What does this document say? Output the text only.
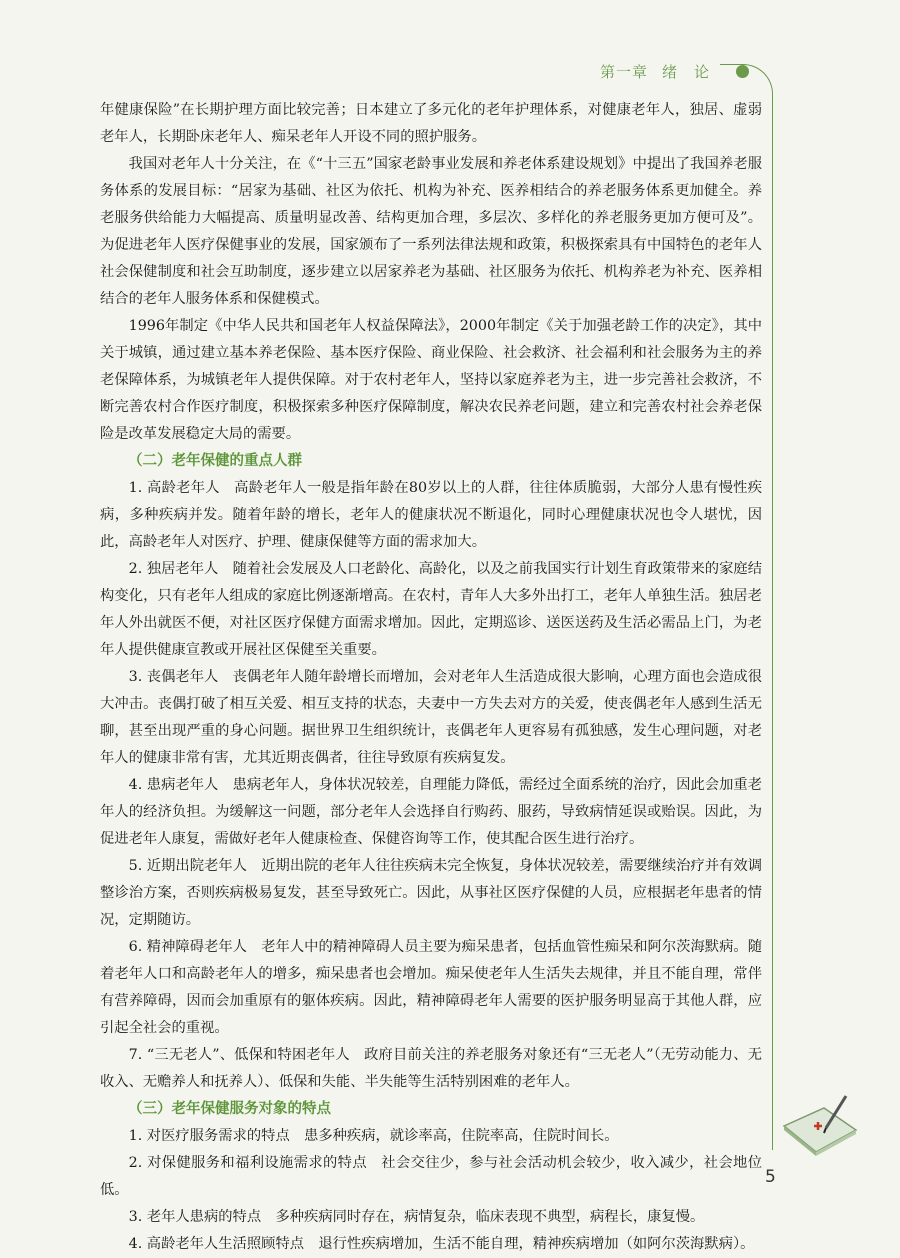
第一章 绪　论

年健康保险”在长期护理方面比较完善；日本建立了多元化的老年护理体系，对健康老年人，独居、虚弱老年人，长期卧床老年人、痴呆老年人开设不同的照护服务。

我国对老年人十分关注，在《“十三五”国家老龄事业发展和养老体系建设规划》中提出了我国养老服务体系的发展目标：“居家为基础、社区为依托、机构为补充、医养相结合的养老服务体系更加健全。养老服务供给能力大幅提高、质量明显改善、结构更加合理，多层次、多样化的养老服务更加方便可及”。为促进老年人医疗保健事业的发展，国家颁布了一系列法律法规和政策，积极探索具有中国特色的老年人社会保健制度和社会互助制度，逐步建立以居家养老为基础、社区服务为依托、机构养老为补充、医养相结合的老年人服务体系和保健模式。

1996年制定《中华人民共和国老年人权益保障法》，2000年制定《关于加强老龄工作的决定》，其中关于城镇，通过建立基本养老保险、基本医疗保险、商业保险、社会救济、社会福利和社会服务为主的养老保障体系，为城镇老年人提供保障。对于农村老年人，坚持以家庭养老为主，进一步完善社会救济，不断完善农村合作医疗制度，积极探索多种医疗保障制度，解决农民养老问题，建立和完善农村社会养老保险是改革发展稳定大局的需要。

（二）老年保健的重点人群

1. 高龄老年人 高龄老年人一般是指年龄在80岁以上的人群，往往体质脆弱，大部分人患有慢性疾病，多种疾病并发。随着年龄的增长，老年人的健康状况不断退化，同时心理健康状况也令人堪忧，因此，高龄老年人对医疗、护理、健康保健等方面的需求加大。

2. 独居老年人 随着社会发展及人口老龄化、高龄化，以及之前我国实行计划生育政策带来的家庭结构变化，只有老年人组成的家庭比例逐渐增高。在农村，青年人大多外出打工，老年人单独生活。独居老年人外出就医不便，对社区医疗保健方面需求增加。因此，定期巡诊、送医送药及生活必需品上门，为老年人提供健康宣教或开展社区保健至关重要。

3. 丧偶老年人 丧偶老年人随年龄增长而增加，会对老年人生活造成很大影响，心理方面也会造成很大冲击。丧偶打破了相互关爱、相互支持的状态，夫妻中一方失去对方的关爱，使丧偶老年人感到生活无聊，甚至出现严重的身心问题。据世界卫生组织统计，丧偶老年人更容易有孤独感，发生心理问题，对老年人的健康非常有害，尤其近期丧偶者，往往导致原有疾病复发。

4. 患病老年人 患病老年人，身体状况较差，自理能力降低，需经过全面系统的治疗，因此会加重老年人的经济负担。为缓解这一问题，部分老年人会选择自行购药、服药，导致病情延误或贻误。因此，为促进老年人康复，需做好老年人健康检查、保健咨询等工作，使其配合医生进行治疗。

5. 近期出院老年人 近期出院的老年人往往疾病未完全恢复，身体状况较差，需要继续治疗并有效调整诊治方案，否则疾病极易复发，甚至导致死亡。因此，从事社区医疗保健的人员，应根据老年患者的情况，定期随访。

6. 精神障碍老年人 老年人中的精神障碍人员主要为痴呆患者，包括血管性痴呆和阿尔茨海默病。随着老年人口和高龄老年人的增多，痴呆患者也会增加。痴呆使老年人生活失去规律，并且不能自理，常伴有营养障碍，因而会加重原有的躯体疾病。因此，精神障碍老年人需要的医护服务明显高于其他人群，应引起全社会的重视。

7. “三无老人”、低保和特困老年人 政府目前关注的养老服务对象还有“三无老人”（无劳动能力、无收入、无赡养人和抚养人）、低保和失能、半失能等生活特别困难的老年人。

（三）老年保健服务对象的特点

1. 对医疗服务需求的特点 患多种疾病，就诊率高，住院率高，住院时间长。

2. 对保健服务和福利设施需求的特点 社会交往少，参与社会活动机会较少，收入减少，社会地位低。

3. 老年人患病的特点 多种疾病同时存在，病情复杂，临床表现不典型，病程长，康复慢。

4. 高龄老年人生活照顾特点 退行性疾病增加，生活不能自理，精神疾病增加（如阿尔茨海默病）。

5
